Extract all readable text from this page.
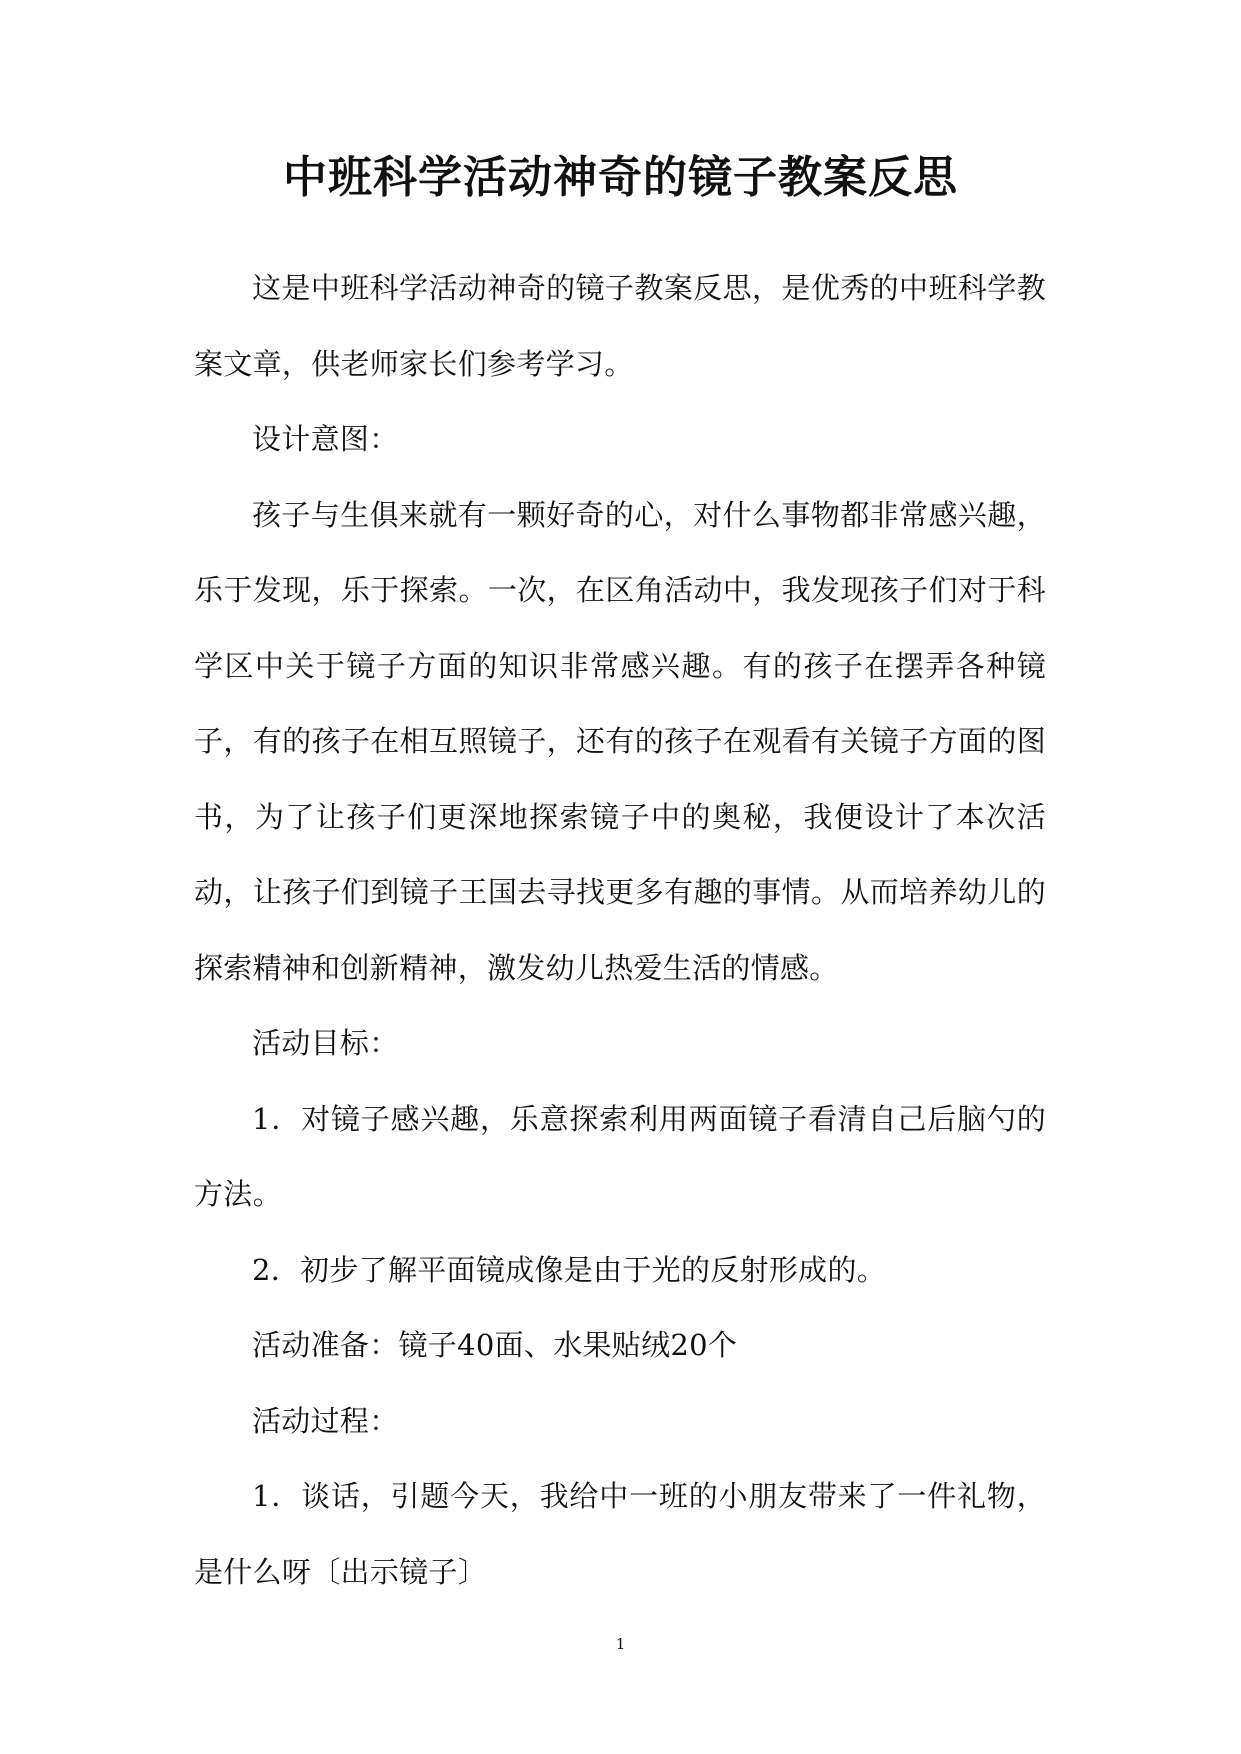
中班科学活动神奇的镜子教案反思

这是中班科学活动神奇的镜子教案反思，是优秀的中班科学教案文章，供老师家长们参考学习。

设计意图：

孩子与生俱来就有一颗好奇的心，对什么事物都非常感兴趣，乐于发现，乐于探索。一次，在区角活动中，我发现孩子们对于科学区中关于镜子方面的知识非常感兴趣。有的孩子在摆弄各种镜子，有的孩子在相互照镜子，还有的孩子在观看有关镜子方面的图书，为了让孩子们更深地探索镜子中的奥秘，我便设计了本次活动，让孩子们到镜子王国去寻找更多有趣的事情。从而培养幼儿的探索精神和创新精神，激发幼儿热爱生活的情感。

活动目标：

1．对镜子感兴趣，乐意探索利用两面镜子看清自己后脑勺的方法。

2．初步了解平面镜成像是由于光的反射形成的。

活动准备：镜子40面、水果贴绒20个

活动过程：

1．谈话，引题今天，我给中一班的小朋友带来了一件礼物，是什么呀〔出示镜子〕

1
